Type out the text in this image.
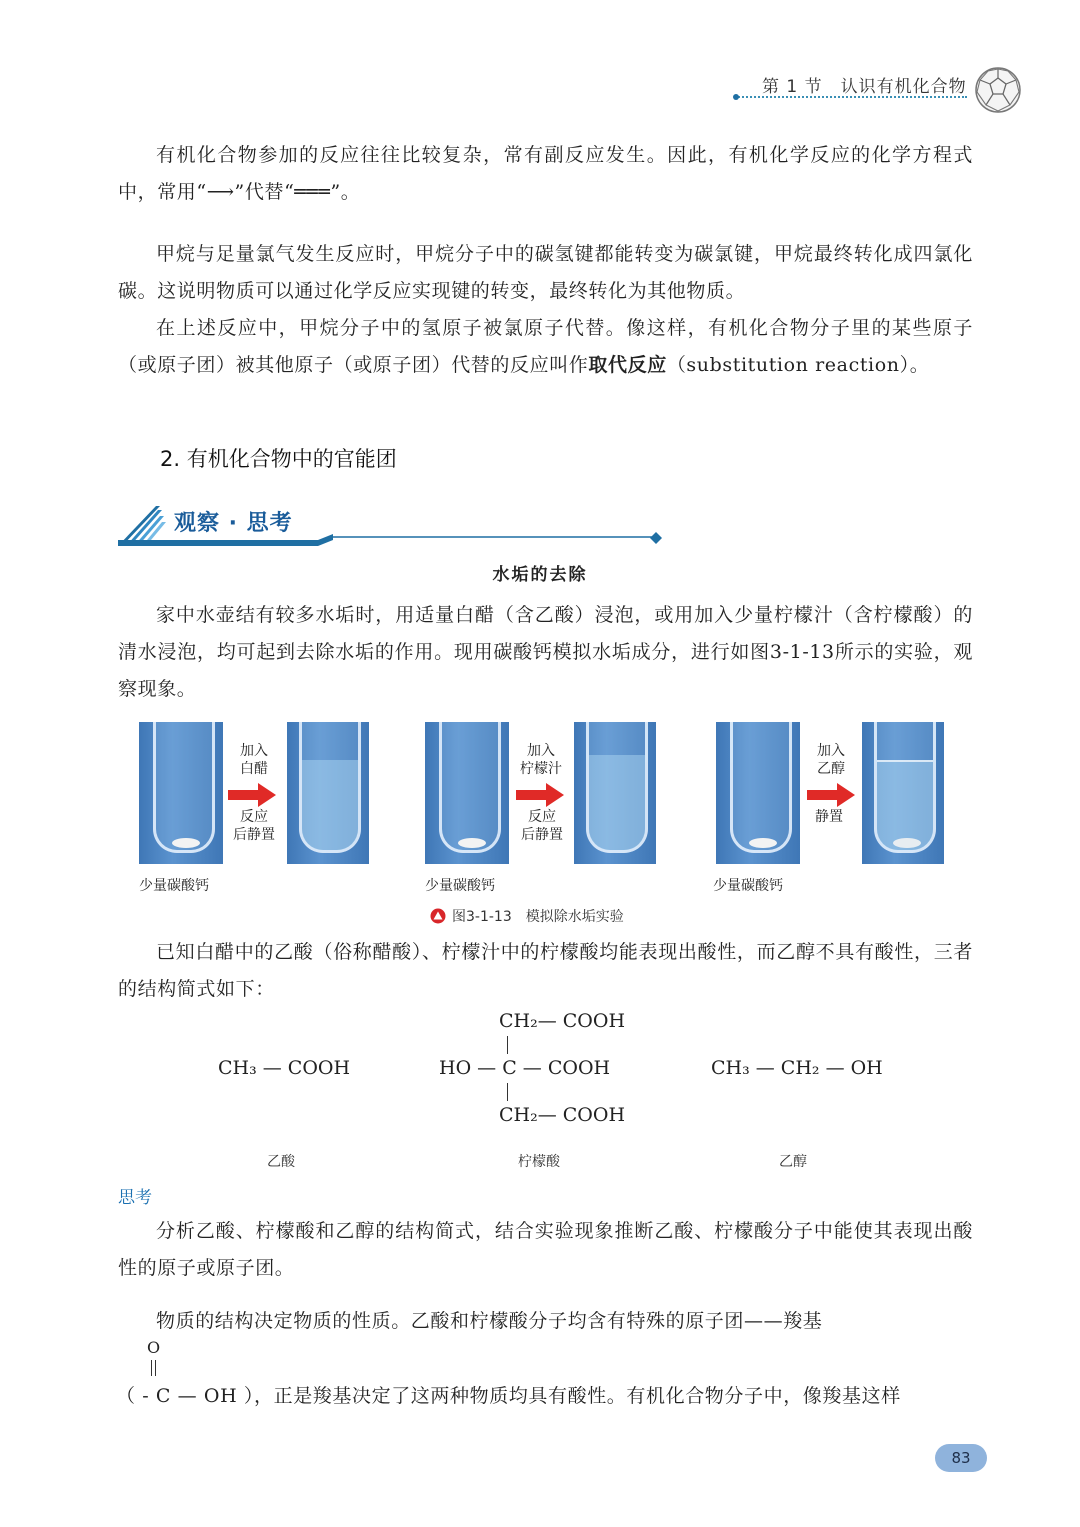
第 1 节　认识有机化合物

有机化合物参加的反应往往比较复杂，常有副反应发生。因此，有机化学反应的化学方程式中，常用“⟶”代替“═══”。

甲烷与足量氯气发生反应时，甲烷分子中的碳氢键都能转变为碳氯键，甲烷最终转化成四氯化碳。这说明物质可以通过化学反应实现键的转变，最终转化为其他物质。

在上述反应中，甲烷分子中的氢原子被氯原子代替。像这样，有机化合物分子里的某些原子（或原子团）被其他原子（或原子团）代替的反应叫作取代反应（substitution reaction）。

2. 有机化合物中的官能团
观察 · 思考
水垢的去除

家中水壶结有较多水垢时，用适量白醋（含乙酸）浸泡，或用加入少量柠檬汁（含柠檬酸）的清水浸泡，均可起到去除水垢的作用。现用碳酸钙模拟水垢成分，进行如图3-1-13所示的实验，观察现象。

加入
白醋
反应
后静置
少量碳酸钙
加入
柠檬汁
反应
后静置
少量碳酸钙
加入
乙醇
静置
少量碳酸钙
图3-1-13　模拟除水垢实验

已知白醋中的乙酸（俗称醋酸）、柠檬汁中的柠檬酸均能表现出酸性，而乙醇不具有酸性，三者的结构简式如下：

CH₃ — COOH
CH₂— COOH
HO — C — COOH
CH₂— COOH
CH₃ — CH₂ — OH
乙酸	柠檬酸	乙醇
思考

分析乙酸、柠檬酸和乙醇的结构简式，结合实验现象推断乙酸、柠檬酸分子中能使其表现出酸性的原子或原子团。

物质的结构决定物质的性质。乙酸和柠檬酸分子均含有特殊的原子团——羧基

O
（ - C — OH ），正是羧基决定了这两种物质均具有酸性。有机化合物分子中，像羧基这样
83
